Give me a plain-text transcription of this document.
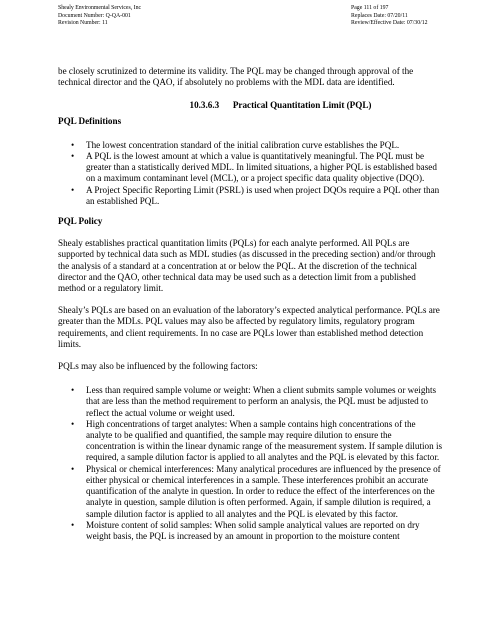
Shealy Environmental Services, Inc
Document Number: Q-QA-001
Revision Number: 11
Page 111 of 197
Replaces Date: 07/20/11
Review/Effective Date: 07/30/12

be closely scrutinized to determine its validity. The PQL may be changed through approval of the technical director and the QAO, if absolutely no problems with the MDL data are identified.

10.3.6.3      Practical Quantitation Limit (PQL)

PQL Definitions

• The lowest concentration standard of the initial calibration curve establishes the PQL.
• A PQL is the lowest amount at which a value is quantitatively meaningful. The PQL must be greater than a statistically derived MDL. In limited situations, a higher PQL is established based on a maximum contaminant level (MCL), or a project specific data quality objective (DQO).
• A Project Specific Reporting Limit (PSRL) is used when project DQOs require a PQL other than an established PQL.

PQL Policy

Shealy establishes practical quantitation limits (PQLs) for each analyte performed. All PQLs are supported by technical data such as MDL studies (as discussed in the preceding section) and/or through the analysis of a standard at a concentration at or below the PQL. At the discretion of the technical director and the QAO, other technical data may be used such as a detection limit from a published method or a regulatory limit.

Shealy’s PQLs are based on an evaluation of the laboratory’s expected analytical performance. PQLs are greater than the MDLs. PQL values may also be affected by regulatory limits, regulatory program requirements, and client requirements. In no case are PQLs lower than established method detection limits.

PQLs may also be influenced by the following factors:

• Less than required sample volume or weight: When a client submits sample volumes or weights that are less than the method requirement to perform an analysis, the PQL must be adjusted to reflect the actual volume or weight used.
• High concentrations of target analytes: When a sample contains high concentrations of the analyte to be qualified and quantified, the sample may require dilution to ensure the concentration is within the linear dynamic range of the measurement system. If sample dilution is required, a sample dilution factor is applied to all analytes and the PQL is elevated by this factor.
• Physical or chemical interferences: Many analytical procedures are influenced by the presence of either physical or chemical interferences in a sample. These interferences prohibit an accurate quantification of the analyte in question. In order to reduce the effect of the interferences on the analyte in question, sample dilution is often performed. Again, if sample dilution is required, a sample dilution factor is applied to all analytes and the PQL is elevated by this factor.
• Moisture content of solid samples: When solid sample analytical values are reported on dry weight basis, the PQL is increased by an amount in proportion to the moisture content
